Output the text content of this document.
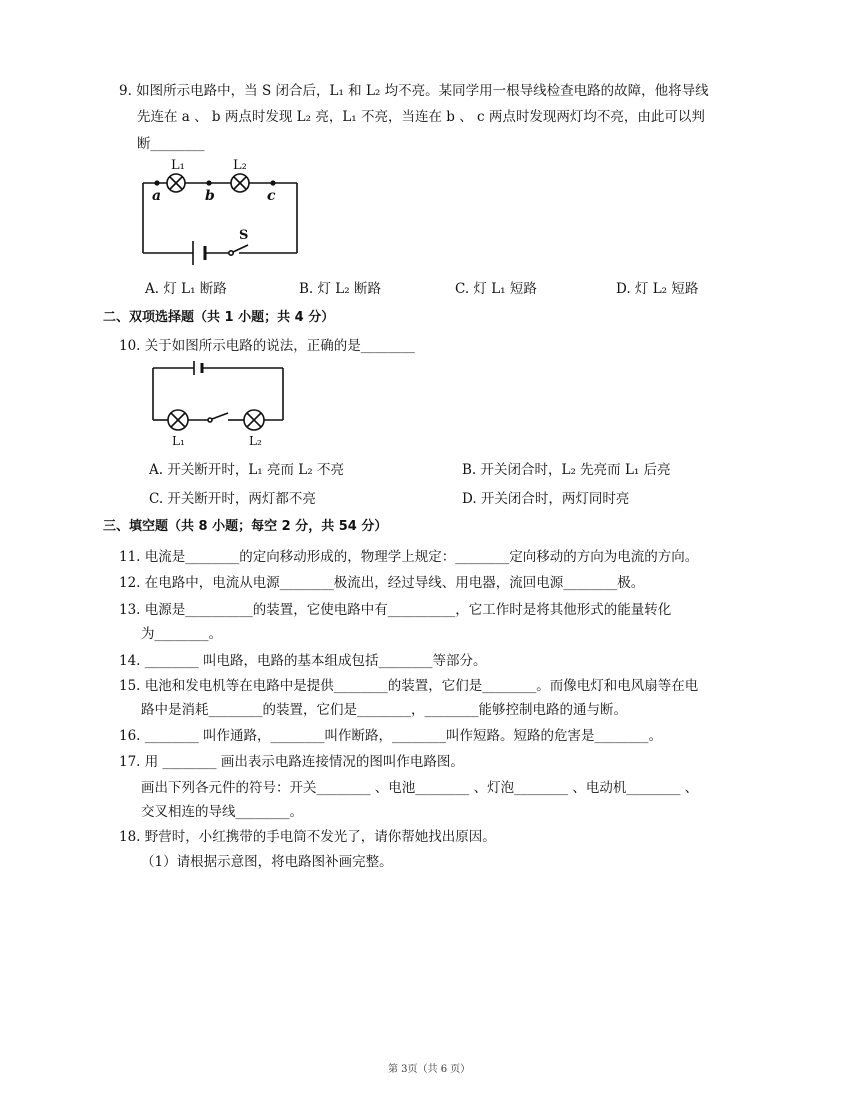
9. 如图所示电路中，当 S 闭合后，L₁ 和 L₂ 均不亮。某同学用一根导线检查电路的故障，他将导线
先连在 a 、 b 两点时发现 L₂ 亮，L₁ 不亮，当连在 b 、 c 两点时发现两灯均不亮，由此可以判
断________
L₁	L₂
a	b	c
S
A. 灯 L₁ 断路	B. 灯 L₂ 断路	C. 灯 L₁ 短路	D. 灯 L₂ 短路
二、双项选择题（共 1 小题；共 4 分）
10. 关于如图所示电路的说法，正确的是________
L₁	L₂
A. 开关断开时，L₁ 亮而 L₂ 不亮	B. 开关闭合时，L₂ 先亮而 L₁ 后亮
C. 开关断开时，两灯都不亮	D. 开关闭合时，两灯同时亮
三、填空题（共 8 小题；每空 2 分，共 54 分）
11. 电流是________的定向移动形成的，物理学上规定：________定向移动的方向为电流的方向。
12. 在电路中，电流从电源________极流出，经过导线、用电器，流回电源________极。
13. 电源是__________的装置，它使电路中有__________，它工作时是将其他形式的能量转化
为________。
14. ________ 叫电路，电路的基本组成包括________等部分。
15. 电池和发电机等在电路中是提供________的装置，它们是________。而像电灯和电风扇等在电
路中是消耗________的装置，它们是________，________能够控制电路的通与断。
16. ________ 叫作通路，________叫作断路，________叫作短路。短路的危害是________。
17. 用 ________ 画出表示电路连接情况的图叫作电路图。
画出下列各元件的符号：开关________ 、电池________ 、灯泡________ 、电动机________ 、
交叉相连的导线________。
18. 野营时，小红携带的手电筒不发光了，请你帮她找出原因。
（1）请根据示意图，将电路图补画完整。
第 3页（共 6 页）
